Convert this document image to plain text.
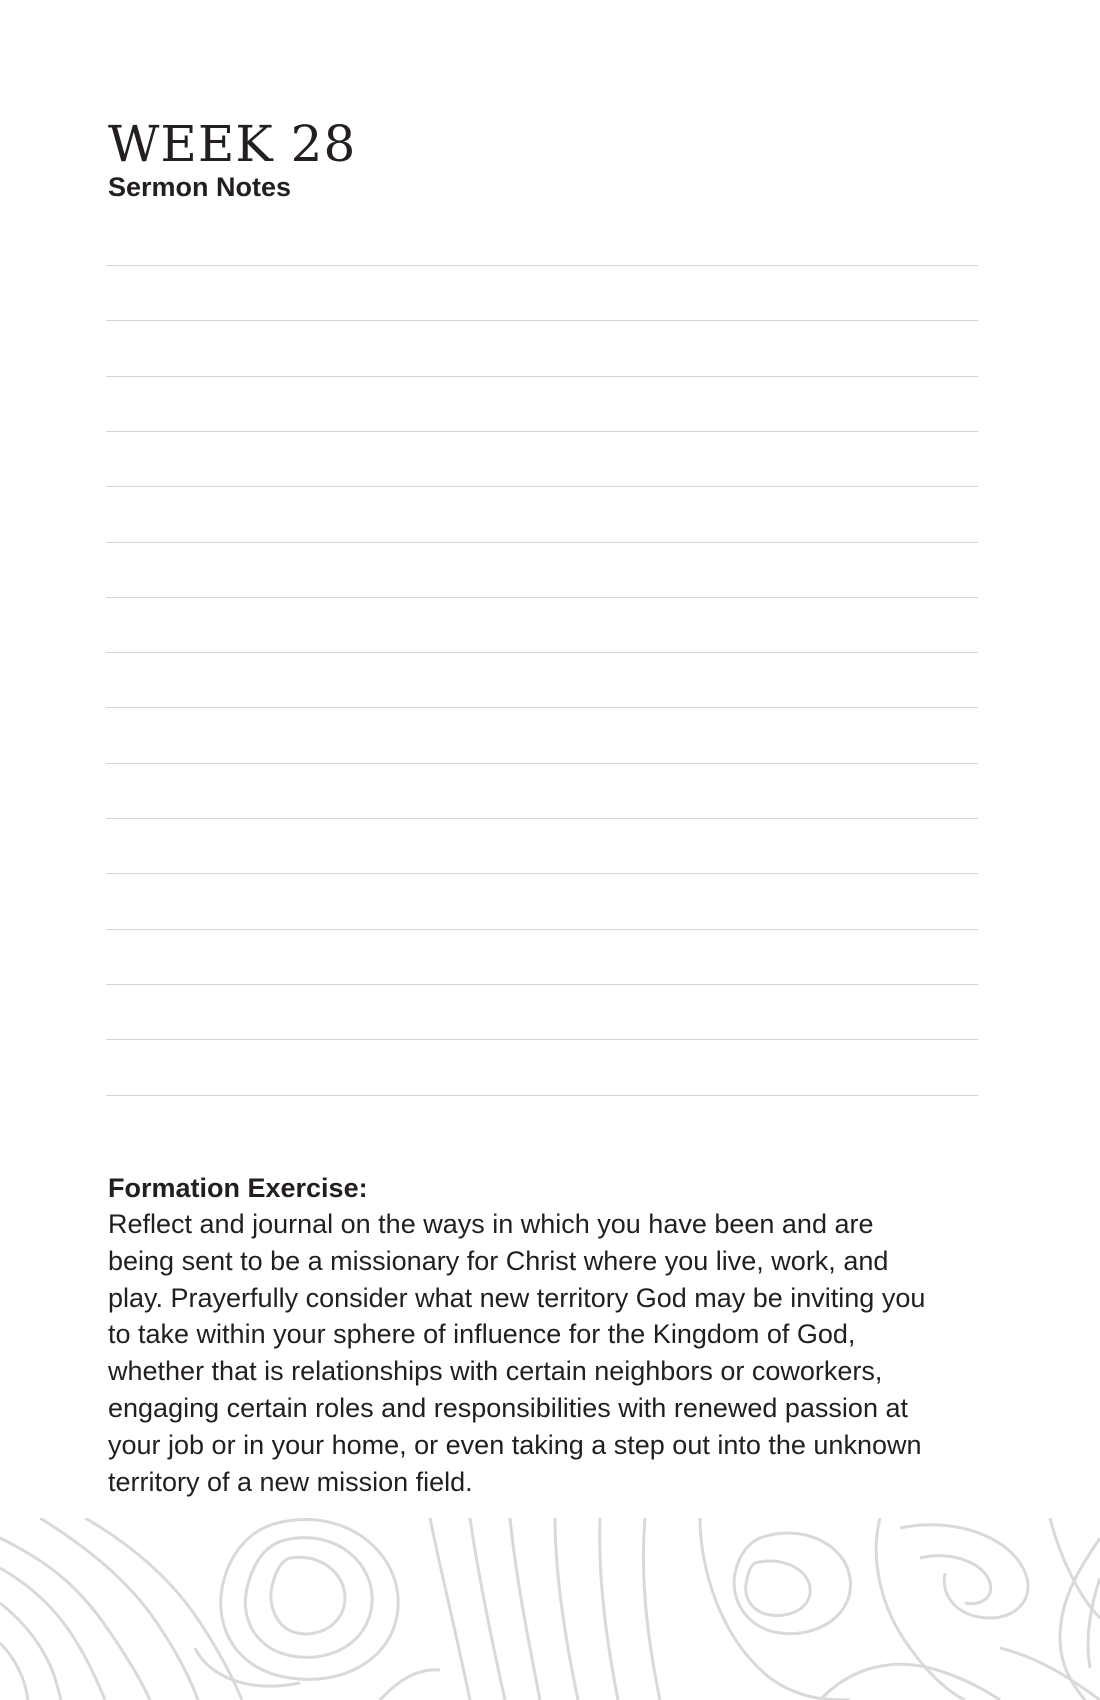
WEEK 28
Sermon Notes

Formation Exercise:

Reflect and journal on the ways in which you have been and are
being sent to be a missionary for Christ where you live, work, and
play. Prayerfully consider what new territory God may be inviting you
to take within your sphere of influence for the Kingdom of God,
whether that is relationships with certain neighbors or coworkers,
engaging certain roles and responsibilities with renewed passion at
your job or in your home, or even taking a step out into the unknown
territory of a new mission field.
